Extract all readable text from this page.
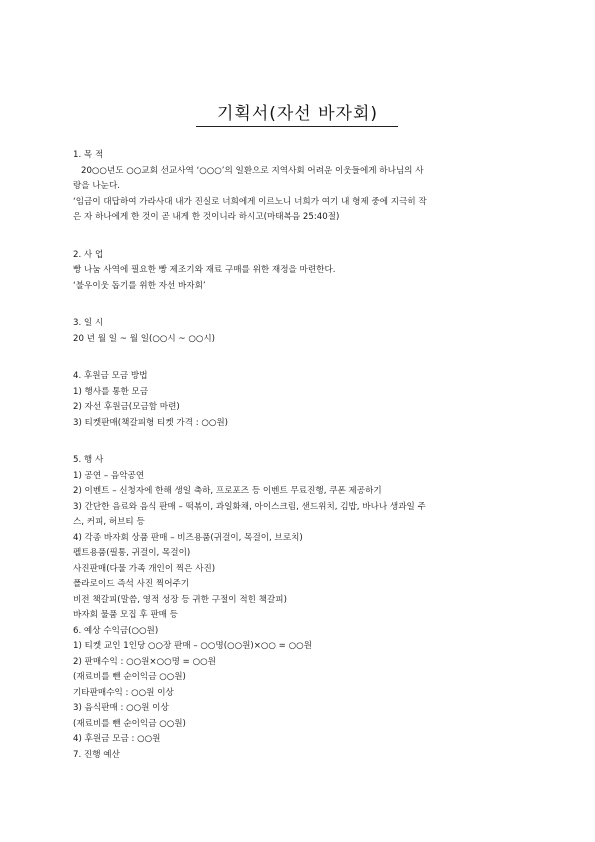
기획서(자선 바자회)
1. 목 적
20○○년도 ○○교회 선교사역 ‘○○○’의 일환으로 지역사회 어려운 이웃들에게 하나님의 사
랑을 나눈다.
‘임금이 대답하여 가라사대 내가 진실로 너희에게 이르노니 너희가 여기 내 형제 중에 지극히 작
은 자 하나에게 한 것이 곧 내게 한 것이니라 하시고(마태복음 25:40절)
2. 사 업
빵 나눔 사역에 필요한 빵 제조기와 재료 구매를 위한 재정을 마련한다.
‘불우이웃 돕기를 위한 자선 바자회’
3. 일 시
20 년 월 일 ~ 월 일(○○시 ~ ○○시)
4. 후원금 모금 방법
1) 행사를 통한 모금
2) 자선 후원금(모금함 마련)
3) 티켓판매(책갈피형 티켓 가격 : ○○원)
5. 행 사
1) 공연 – 음악공연
2) 이벤트 – 신청자에 한해 생일 축하, 프로포즈 등 이벤트 무료진행, 쿠폰 제공하기
3) 간단한 음료와 음식 판매 – 떡볶이, 과일화채, 아이스크림, 샌드위치, 김밥, 바나나 생과일 주
스, 커피, 허브티 등
4) 각종 바자회 상품 판매 – 비즈용품(귀걸이, 목걸이, 브로치)
펠트용품(필통, 귀걸이, 목걸이)
사진판매(다물 가족 개인이 찍은 사진)
폴라로이드 즉석 사진 찍어주기
비전 책갈피(말씀, 영적 성장 등 귀한 구절이 적힌 책갈피)
바자회 물품 모집 후 판매 등
6. 예상 수익금(○○원)
1) 티켓 교인 1인당 ○○장 판매 – ○○명(○○원)×○○ = ○○원
2) 판매수익 : ○○원×○○명 = ○○원
(재료비를 뺀 순이익금 ○○원)
기타판매수익 : ○○원 이상
3) 음식판매 : ○○원 이상
(재료비를 뺀 순이익금 ○○원)
4) 후원금 모금 : ○○원
7. 진행 예산
